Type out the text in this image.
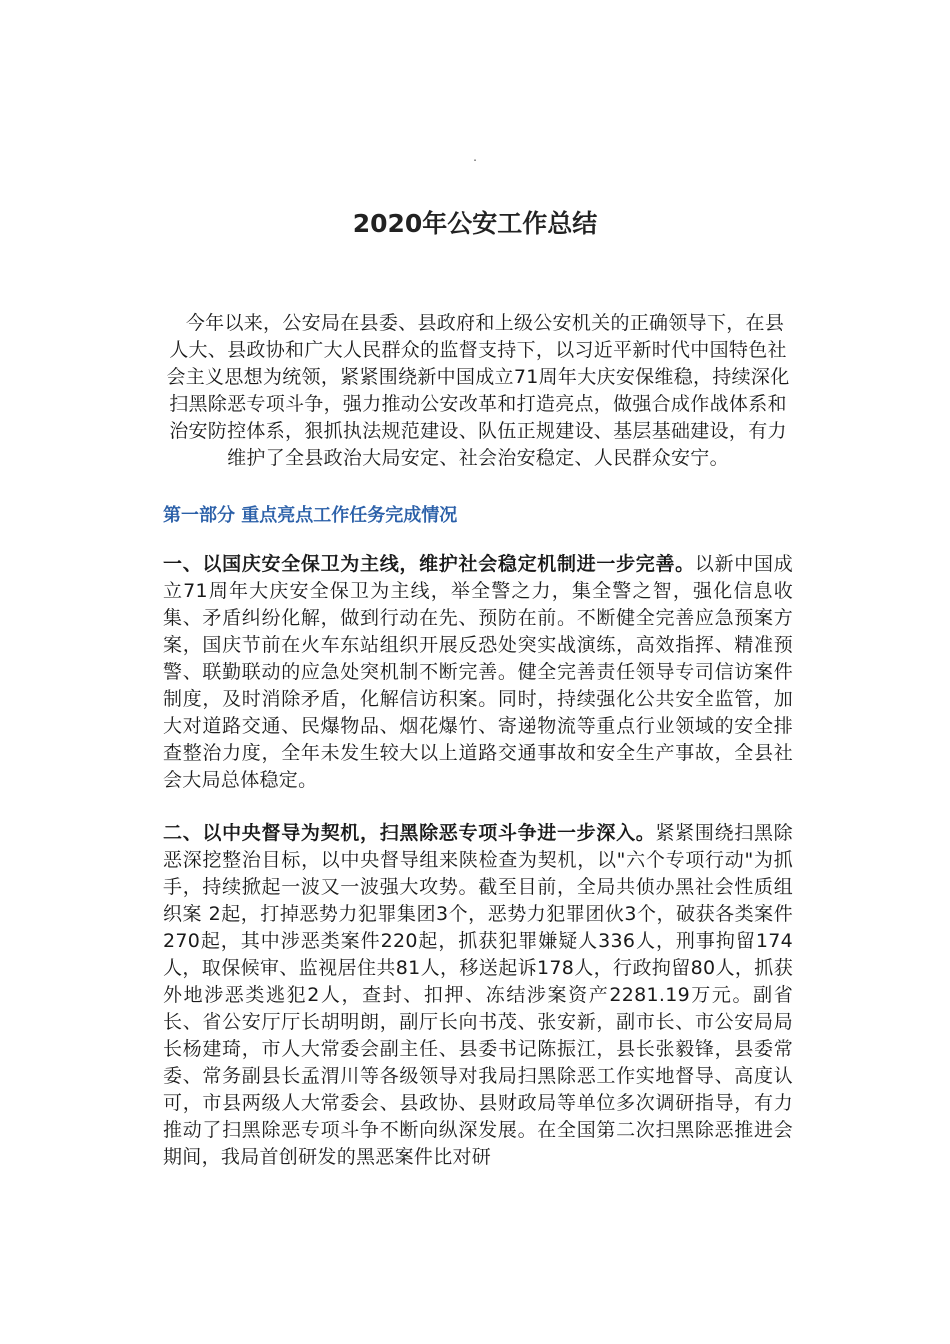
.
2020年公安工作总结

今年以来，公安局在县委、县政府和上级公安机关的正确领导下，在县人大、县政协和广大人民群众的监督支持下，以习近平新时代中国特色社会主义思想为统领，紧紧围绕新中国成立71周年大庆安保维稳，持续深化扫黑除恶专项斗争，强力推动公安改革和打造亮点，做强合成作战体系和治安防控体系，狠抓执法规范建设、队伍正规建设、基层基础建设，有力维护了全县政治大局安定、社会治安稳定、人民群众安宁。

第一部分 重点亮点工作任务完成情况

一、以国庆安全保卫为主线，维护社会稳定机制进一步完善。以新中国成立71周年大庆安全保卫为主线，举全警之力，集全警之智，强化信息收集、矛盾纠纷化解，做到行动在先、预防在前。不断健全完善应急预案方案，国庆节前在火车东站组织开展反恐处突实战演练，高效指挥、精准预警、联勤联动的应急处突机制不断完善。健全完善责任领导专司信访案件制度，及时消除矛盾，化解信访积案。同时，持续强化公共安全监管，加大对道路交通、民爆物品、烟花爆竹、寄递物流等重点行业领域的安全排查整治力度，全年未发生较大以上道路交通事故和安全生产事故，全县社会大局总体稳定。

二、以中央督导为契机，扫黑除恶专项斗争进一步深入。紧紧围绕扫黑除恶深挖整治目标，以中央督导组来陕检查为契机，以"六个专项行动"为抓手，持续掀起一波又一波强大攻势。截至目前，全局共侦办黑社会性质组织案 2起，打掉恶势力犯罪集团3个，恶势力犯罪团伙3个，破获各类案件270起，其中涉恶类案件220起，抓获犯罪嫌疑人336人，刑事拘留174人，取保候审、监视居住共81人，移送起诉178人，行政拘留80人，抓获外地涉恶类逃犯2人，查封、扣押、冻结涉案资产2281.19万元。副省长、省公安厅厅长胡明朗，副厅长向书茂、张安新，副市长、市公安局局长杨建琦，市人大常委会副主任、县委书记陈振江，县长张毅锋，县委常委、常务副县长孟渭川等各级领导对我局扫黑除恶工作实地督导、高度认可，市县两级人大常委会、县政协、县财政局等单位多次调研指导，有力推动了扫黑除恶专项斗争不断向纵深发展。在全国第二次扫黑除恶推进会期间，我局首创研发的黑恶案件比对研
